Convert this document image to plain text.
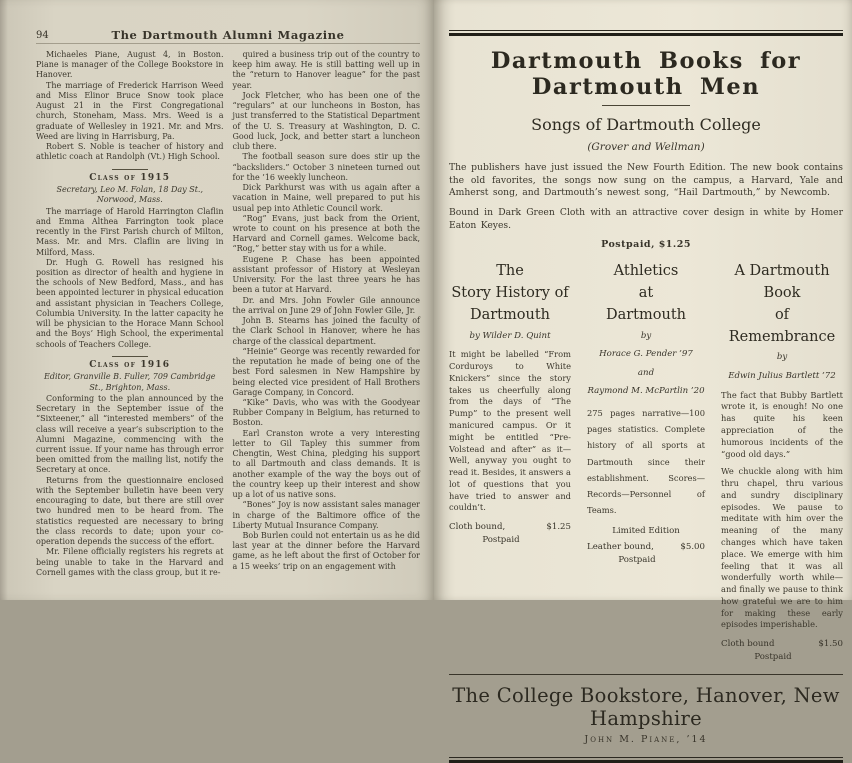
94	The Dartmouth Alumni Magazine

Michaeles Piane, August 4, in Boston. Piane is manager of the College Bookstore in Hanover.

The marriage of Frederick Harrison Weed and Miss Elinor Bruce Snow took place August 21 in the First Congregational church, Stoneham, Mass. Mrs. Weed is a graduate of Wellesley in 1921. Mr. and Mrs. Weed are living in Harrisburg, Pa.

Robert S. Noble is teacher of history and athletic coach at Randolph (Vt.) High School.

Class of 1915

Secretary, Leo M. Folan, 18 Day St., Norwood, Mass.

The marriage of Harold Harrington Claflin and Emma Althea Farrington took place recently in the First Parish church of Milton, Mass. Mr. and Mrs. Claflin are living in Milford, Mass.

Dr. Hugh G. Rowell has resigned his position as director of health and hygiene in the schools of New Bedford, Mass., and has been appointed lecturer in physical education and assistant physician in Teachers College, Columbia University. In the latter capacity he will be physician to the Horace Mann School and the Boys’ High School, the experimental schools of Teachers College.

Class of 1916

Editor, Granville B. Fuller, 709 Cambridge St., Brighton, Mass.

Conforming to the plan announced by the Secretary in the September issue of the “Sixteener,” all “interested members” of the class will receive a year’s subscription to the Alumni Magazine, commencing with the current issue. If your name has through error been omitted from the mailing list, notify the Secretary at once.

Returns from the questionnaire enclosed with the September bulletin have been very encouraging to date, but there are still over two hundred men to be heard from. The statistics requested are necessary to bring the class records to date; upon your co-operation depends the success of the effort.

Mr. Filene officially registers his regrets at being unable to take in the Harvard and Cornell games with the class group, but it re-

quired a business trip out of the country to keep him away. He is still batting well up in the “return to Hanover league” for the past year.

Jock Fletcher, who has been one of the “regulars” at our luncheons in Boston, has just transferred to the Statistical Department of the U. S. Treasury at Washington, D. C. Good luck, Jock, and better start a luncheon club there.

The football season sure does stir up the “backsliders.” October 3 nineteen turned out for the ’16 weekly luncheon.

Dick Parkhurst was with us again after a vacation in Maine, well prepared to put his usual pep into Athletic Council work.

“Rog” Evans, just back from the Orient, wrote to count on his presence at both the Harvard and Cornell games. Welcome back, “Rog,” better stay with us for a while.

Eugene P. Chase has been appointed assistant professor of History at Wesleyan University. For the last three years he has been a tutor at Harvard.

Dr. and Mrs. John Fowler Gile announce the arrival on June 29 of John Fowler Gile, Jr.

John B. Stearns has joined the faculty of the Clark School in Hanover, where he has charge of the classical department.

“Heinie” George was recently rewarded for the reputation he made of being one of the best Ford salesmen in New Hampshire by being elected vice president of Hall Brothers Garage Company, in Concord.

“Kike” Davis, who was with the Goodyear Rubber Company in Belgium, has returned to Boston.

Earl Cranston wrote a very interesting letter to Gil Tapley this summer from Chengtin, West China, pledging his support to all Dartmouth and class demands. It is another example of the way the boys out of the country keep up their interest and show up a lot of us native sons.

“Bones” Joy is now assistant sales manager in charge of the Baltimore office of the Liberty Mutual Insurance Company.

Bob Burlen could not entertain us as he did last year at the dinner before the Harvard game, as he left about the first of October for a 15 weeks’ trip on an engagement with

Dartmouth Books for Dartmouth Men
Songs of Dartmouth College
(Grover and Wellman)

The publishers have just issued the New Fourth Edition. The new book contains the old favorites, the songs now sung on the campus, a Harvard, Yale and Amherst song, and Dartmouth’s newest song, “Hail Dartmouth,” by Newcomb.

Bound in Dark Green Cloth with an attractive cover design in white by Homer Eaton Keyes.

Postpaid, $1.25
The
Story History of
Dartmouth
by Wilder D. Quint

It might be labelled “From Corduroys to White Knickers” since the story takes us cheerfully along from the days of “The Pump” to the present well manicured campus. Or it might be entitled “Pre-Volstead and after” as it—Well, anyway you ought to read it. Besides, it answers a lot of questions that you have tried to answer and couldn’t.

Cloth bound,	$1.25
Postpaid
Athletics
at
Dartmouth
by
Horace G. Pender ’97
and
Raymond M. McPartlin ’20

275 pages narrative—100 pages statistics. Complete history of all sports at Dartmouth since their establishment. Scores—Records—Personnel of Teams.

Limited Edition
Leather bound,	$5.00
Postpaid
A Dartmouth Book
of Remembrance
by
Edwin Julius Bartlett ’72

The fact that Bubby Bartlett wrote it, is enough! No one has quite his keen appreciation of the humorous incidents of the “good old days.”

We chuckle along with him thru chapel, thru various and sundry disciplinary episodes. We pause to meditate with him over the meaning of the many changes which have taken place. We emerge with him feeling that it was all wonderfully worth while—and finally we pause to think how grateful we are to him for making these early episodes imperishable.

Cloth bound	$1.50
Postpaid
The College Bookstore, Hanover, New Hampshire
John M. Piane, ’14
